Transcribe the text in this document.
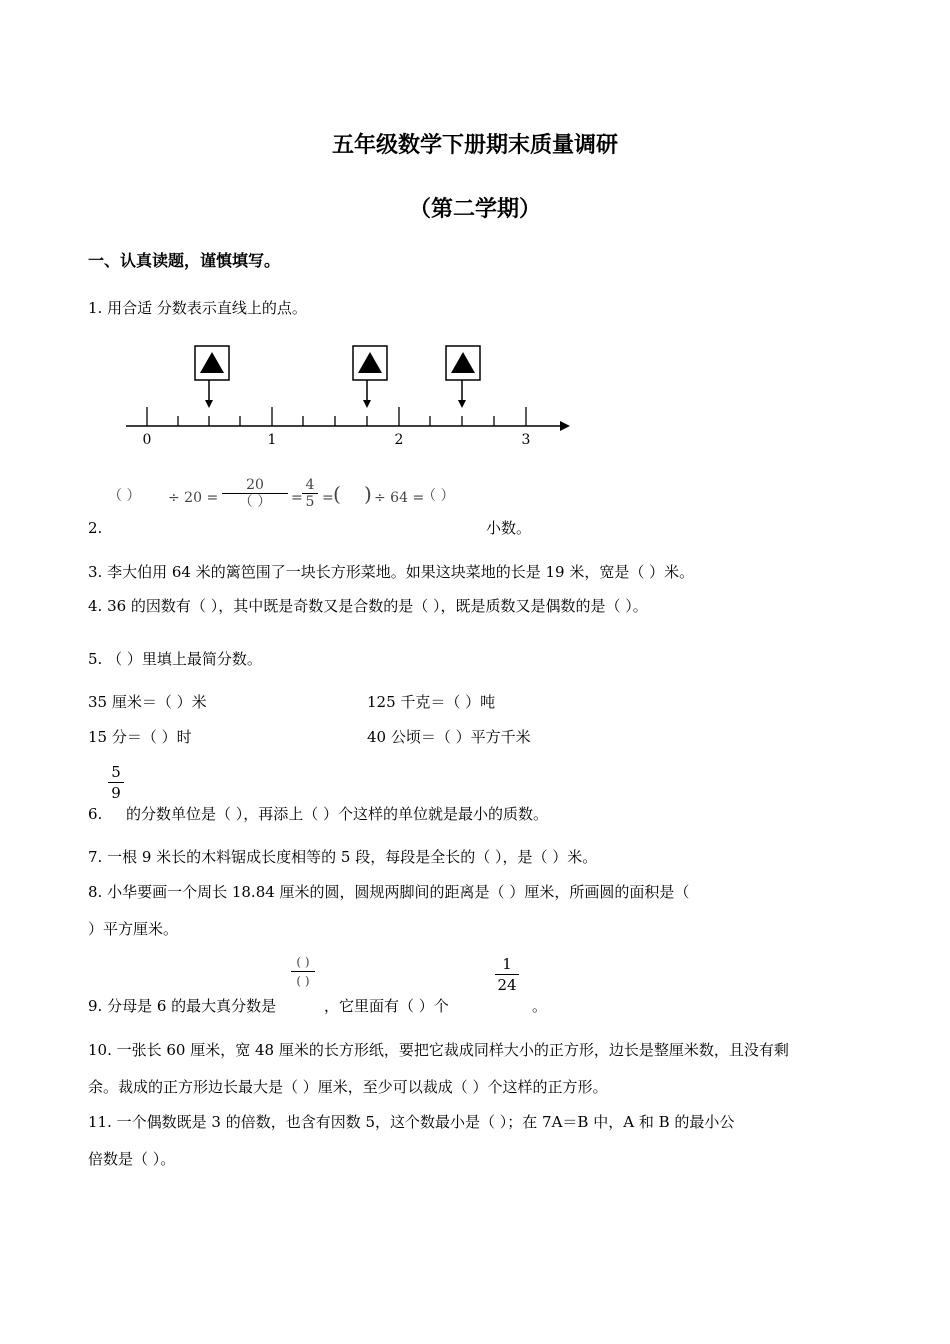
五年级数学下册期末质量调研
（第二学期）
一、认真读题，谨慎填写。
1. 用合适 分数表示直线上的点。
0	1	2	3
（ ） ÷ 20 =
20
（ ）	= $\frac{4}{5}$ = ( ) ÷ 64 =
（ ）
2.	小数。
3. 李大伯用 64 米的篱笆围了一块长方形菜地。如果这块菜地的长是 19 米，宽是（ ）米。
4. 36 的因数有（ ），其中既是奇数又是合数的是（ ），既是质数又是偶数的是（ ）。
5. （ ）里填上最简分数。
35 厘米＝（ ）米	125 千克＝（ ）吨
15 分＝（ ）时	40 公顷＝（ ）平方千米
$\frac{5}{9}$
6. 的分数单位是（ ），再添上（ ）个这样的单位就是最小的质数。
7. 一根 9 米长的木料锯成长度相等的 5 段，每段是全长的（ ），是（ ）米。
8. 小华要画一个周长 18.84 厘米的圆，圆规两脚间的距离是（ ）厘米，所画圆的面积是（
）平方厘米。
( )
( )	$\frac{1}{24}$
9. 分母是 6 的最大真分数是	，它里面有（ ）个	。
10. 一张长 60 厘米，宽 48 厘米的长方形纸，要把它裁成同样大小的正方形，边长是整厘米数，且没有剩
余。裁成的正方形边长最大是（ ）厘米，至少可以裁成（ ）个这样的正方形。
11. 一个偶数既是 3 的倍数，也含有因数 5，这个数最小是（ ）；在 7A＝B 中，A 和 B 的最小公
倍数是（ ）。
